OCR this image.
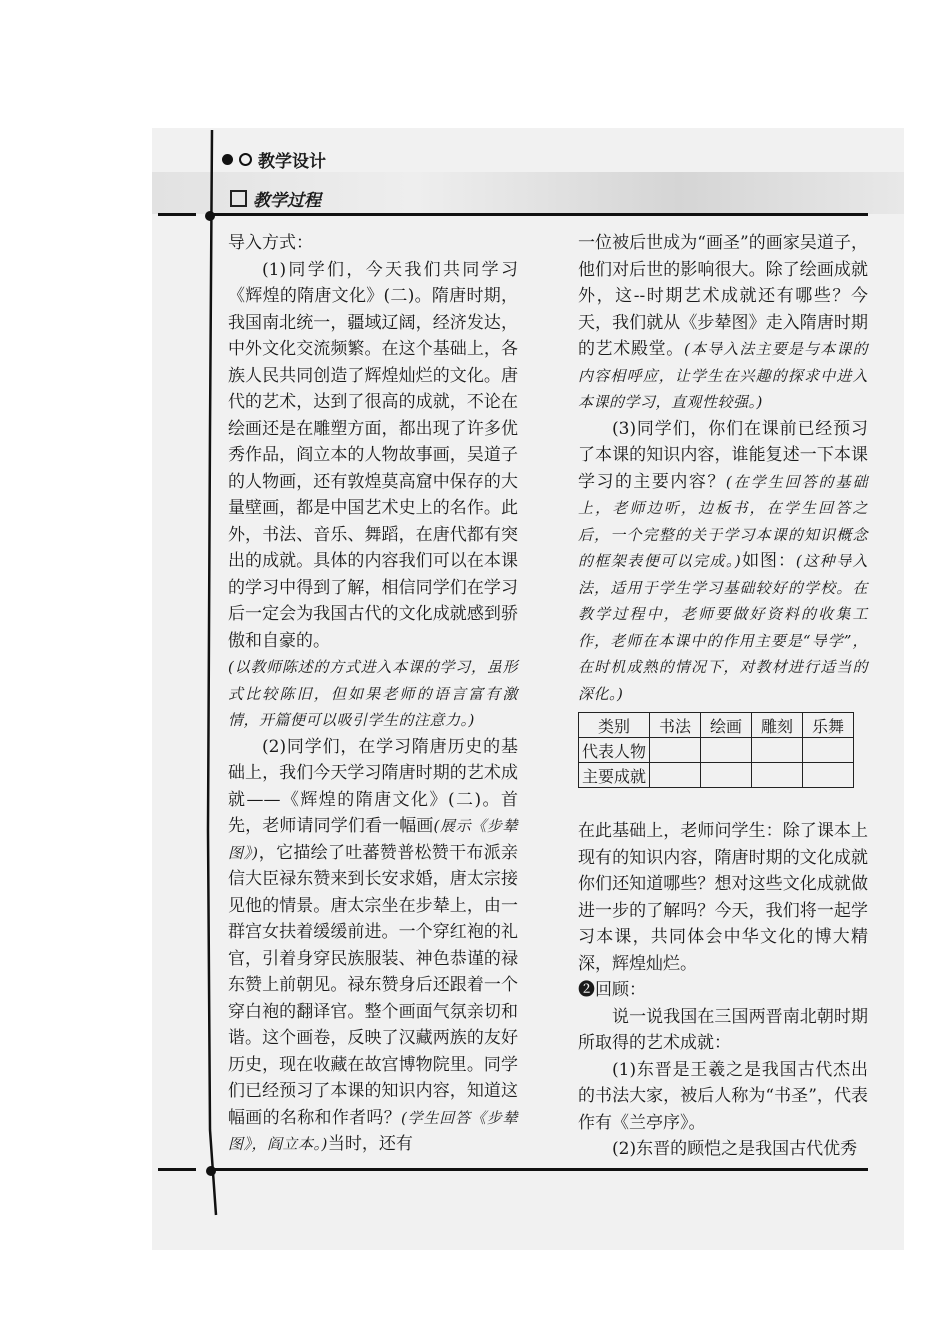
教学设计
教学过程

导入方式：

(1)同学们，今天我们共同学习《辉煌的隋唐文化》(二)。隋唐时期，我国南北统一，疆域辽阔，经济发达，中外文化交流频繁。在这个基础上，各族人民共同创造了辉煌灿烂的文化。唐代的艺术，达到了很高的成就，不论在绘画还是在雕塑方面，都出现了许多优秀作品，阎立本的人物故事画，吴道子的人物画，还有敦煌莫高窟中保存的大量壁画，都是中国艺术史上的名作。此外，书法、音乐、舞蹈，在唐代都有突出的成就。具体的内容我们可以在本课的学习中得到了解，相信同学们在学习后一定会为我国古代的文化成就感到骄傲和自豪的。

(以教师陈述的方式进入本课的学习，虽形式比较陈旧，但如果老师的语言富有激情，开篇便可以吸引学生的注意力。)

(2)同学们，在学习隋唐历史的基础上，我们今天学习隋唐时期的艺术成就——《辉煌的隋唐文化》(二)。首先，老师请同学们看一幅画(展示《步辇图》)，它描绘了吐蕃赞普松赞干布派亲信大臣禄东赞来到长安求婚，唐太宗接见他的情景。唐太宗坐在步辇上，由一群宫女扶着缓缓前进。一个穿红袍的礼官，引着身穿民族服装、神色恭谨的禄东赞上前朝见。禄东赞身后还跟着一个穿白袍的翻译官。整个画面气氛亲切和谐。这个画卷，反映了汉藏两族的友好历史，现在收藏在故宫博物院里。同学们已经预习了本课的知识内容，知道这幅画的名称和作者吗？(学生回答《步辇图》，阎立本。)当时，还有

一位被后世成为“画圣”的画家吴道子，他们对后世的影响很大。除了绘画成就外，这--时期艺术成就还有哪些？今天，我们就从《步辇图》走入隋唐时期的艺术殿堂。(本导入法主要是与本课的内容相呼应，让学生在兴趣的探求中进入本课的学习，直观性较强。)

(3)同学们，你们在课前已经预习了本课的知识内容，谁能复述一下本课学习的主要内容？(在学生回答的基础上，老师边听，边板书，在学生回答之后，一个完整的关于学习本课的知识概念的框架表便可以完成。)如图：(这种导入法，适用于学生学习基础较好的学校。在教学过程中，老师要做好资料的收集工作，老师在本课中的作用主要是“导学”，在时机成熟的情况下，对教材进行适当的深化。)

类别	书法	绘画	雕刻	乐舞
代表人物				
主要成就				

在此基础上，老师问学生：除了课本上现有的知识内容，隋唐时期的文化成就你们还知道哪些？想对这些文化成就做进一步的了解吗？今天，我们将一起学习本课，共同体会中华文化的博大精深，辉煌灿烂。

❷回顾：

说一说我国在三国两晋南北朝时期所取得的艺术成就：

(1)东晋是王羲之是我国古代杰出的书法大家，被后人称为“书圣”，代表作有《兰亭序》。

(2)东晋的顾恺之是我国古代优秀
